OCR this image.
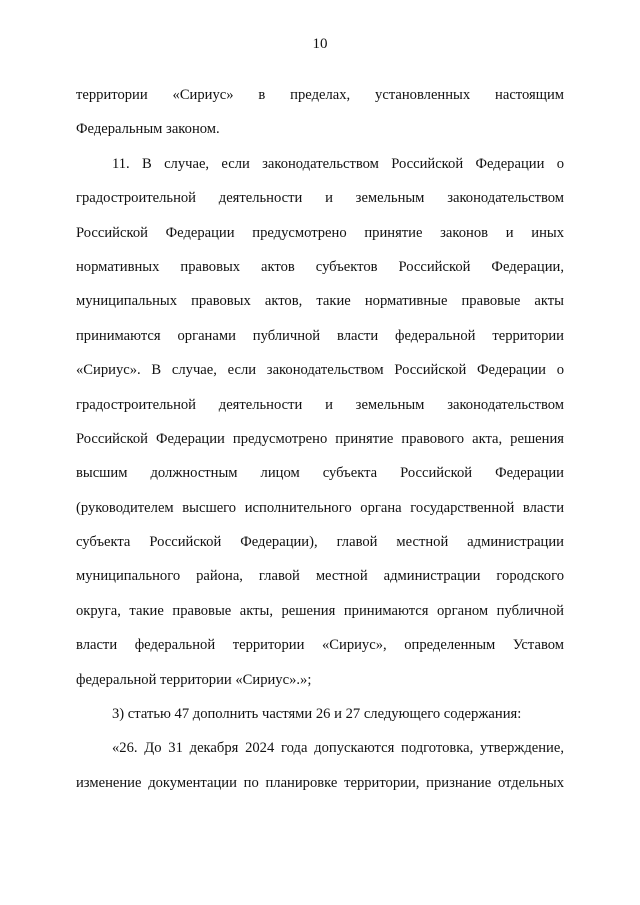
10
территории «Сириус» в пределах, установленных настоящим
Федеральным законом.
11. В случае, если законодательством Российской Федерации о
градостроительной деятельности и земельным законодательством
Российской Федерации предусмотрено принятие законов и иных
нормативных правовых актов субъектов Российской Федерации,
муниципальных правовых актов, такие нормативные правовые акты
принимаются органами публичной власти федеральной территории
«Сириус». В случае, если законодательством Российской Федерации о
градостроительной деятельности и земельным законодательством
Российской Федерации предусмотрено принятие правового акта, решения
высшим должностным лицом субъекта Российской Федерации
(руководителем высшего исполнительного органа государственной власти
субъекта Российской Федерации), главой местной администрации
муниципального района, главой местной администрации городского
округа, такие правовые акты, решения принимаются органом публичной
власти федеральной территории «Сириус», определенным Уставом
федеральной территории «Сириус».»;
3) статью 47 дополнить частями 26 и 27 следующего содержания:
«26. До 31 декабря 2024 года допускаются подготовка, утверждение,
изменение документации по планировке территории, признание отдельных
